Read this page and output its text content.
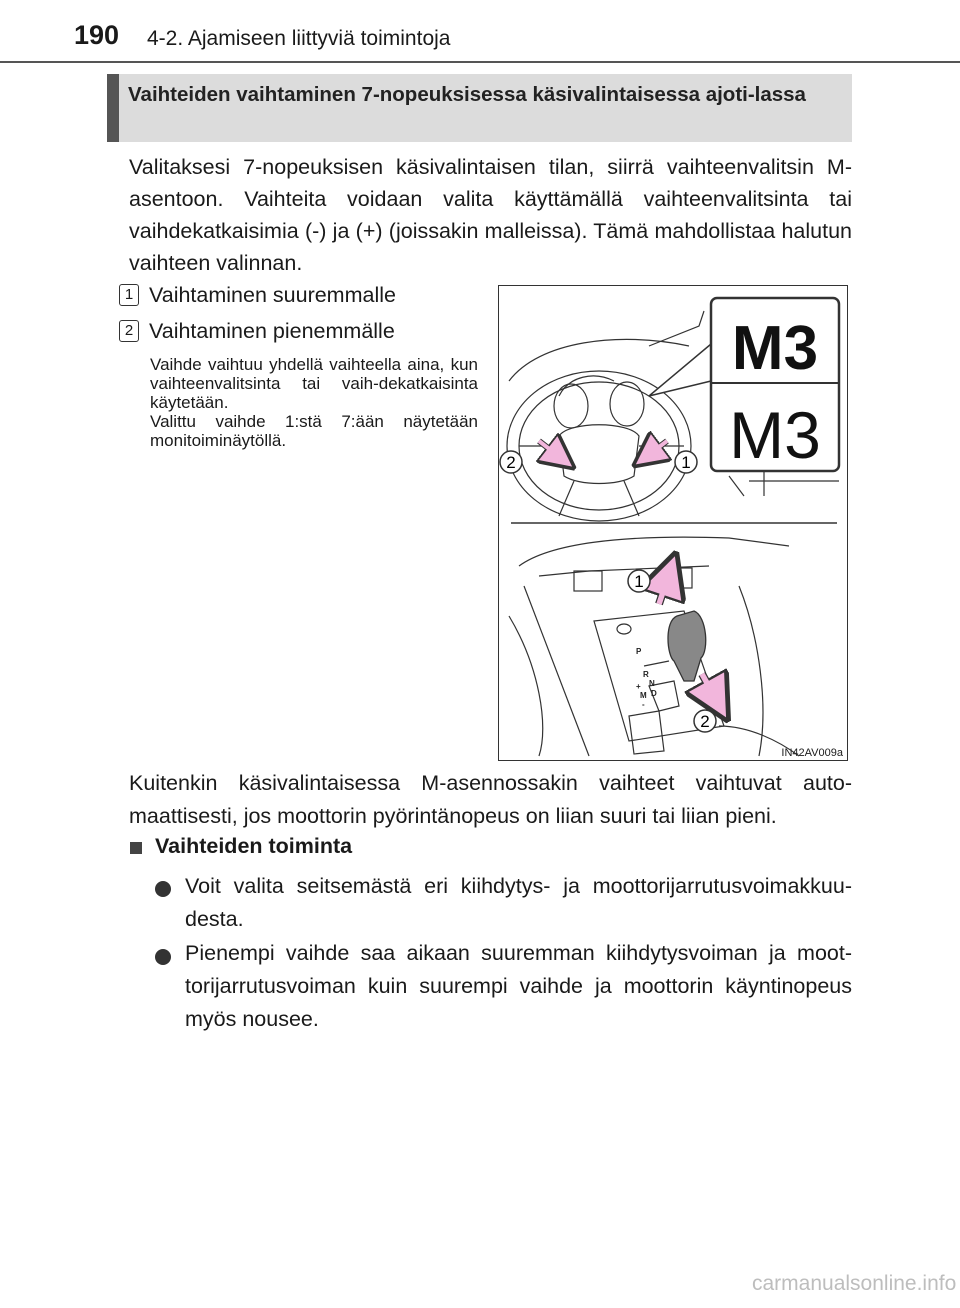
190 4-2. Ajamiseen liittyviä toimintoja
Vaihteiden vaihtaminen 7-nopeuksisessa käsivalintaisessa ajoti-lassa
Valitaksesi 7-nopeuksisen käsivalintaisen tilan, siirrä vaihteenvalitsin M-asentoon. Vaihteita voidaan valita käyttämällä vaihteenvalitsinta tai vaihdekatkaisimia (-) ja (+) (joissakin malleissa). Tämä mahdollistaa halutun vaihteen valinnan.
1 Vaihtaminen suuremmalle
2 Vaihtaminen pienemmälle
Vaihde vaihtuu yhdellä vaihteella aina, kun vaihteenvalitsinta tai vaih-dekatkaisinta käytetään.
Valittu vaihde 1:stä 7:ään näytetään monitoiminäytöllä.
M3
M3
2	1
P
R
N
D
M
+
-
1
2
IN42AV009a
Kuitenkin käsivalintaisessa M-asennossakin vaihteet vaihtuvat auto-maattisesti, jos moottorin pyörintänopeus on liian suuri tai liian pieni.
Vaihteiden toiminta
Voit valita seitsemästä eri kiihdytys- ja moottorijarrutusvoimakkuu-desta.
Pienempi vaihde saa aikaan suuremman kiihdytysvoiman ja moot-torijarrutusvoiman kuin suurempi vaihde ja moottorin käyntinopeus myös nousee.
carmanualsonline.info
